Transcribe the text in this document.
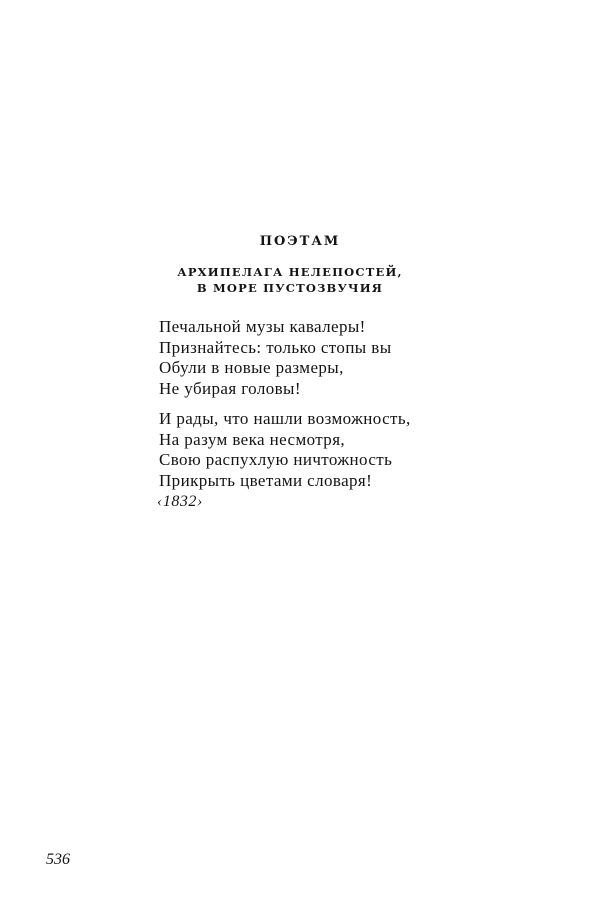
ПОЭТАМ
АРХИПЕЛАГА НЕЛЕПОСТЕЙ,
В МОРЕ ПУСТОЗВУЧИЯ
Печальной музы кавалеры!
Признайтесь: только стопы вы
Обули в новые размеры,
Не убирая головы!
И рады, что нашли возможность,
На разум века несмотря,
Свою распухлую ничтожность
Прикрыть цветами словаря!
‹1832›
536
